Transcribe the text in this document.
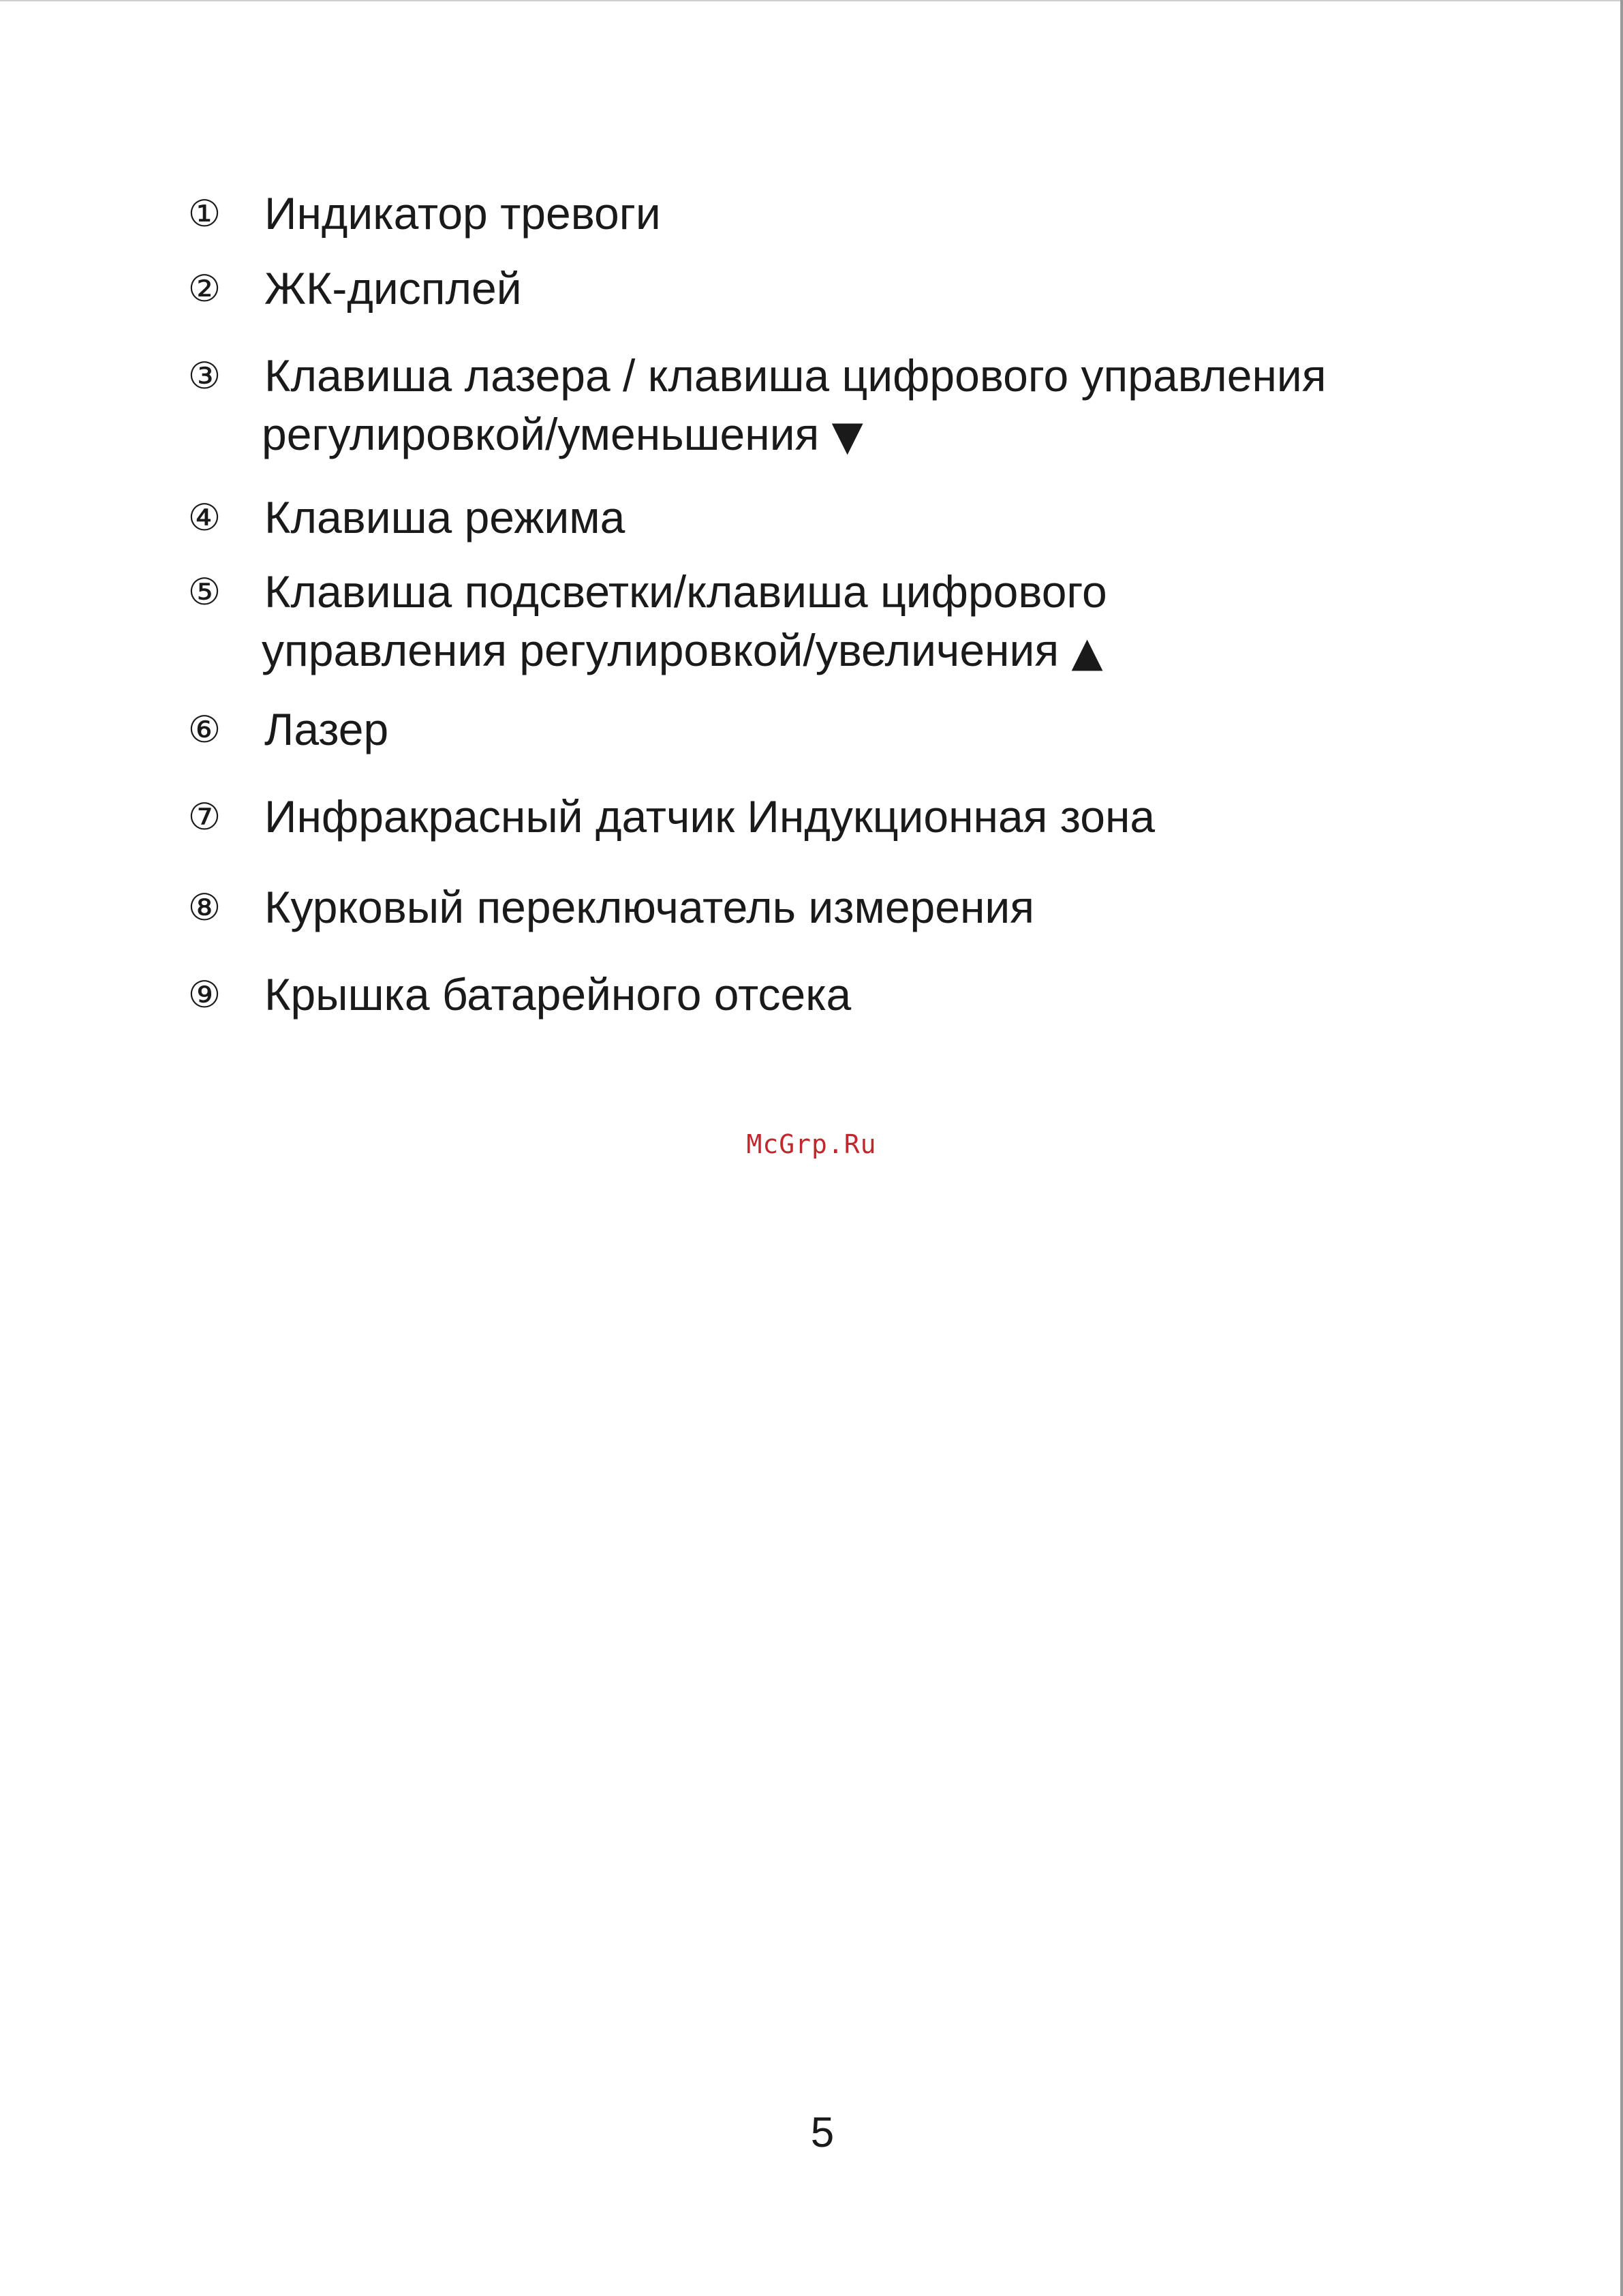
① Индикатор тревоги
② ЖК-дисплей
③ Клавиша лазера / клавиша цифрового управления
регулировкой/уменьшения ▼
④ Клавиша режима
⑤ Клавиша подсветки/клавиша цифрового
управления регулировкой/увеличения ▲
⑥ Лазер
⑦ Инфракрасный датчик Индукционная зона
⑧ Курковый переключатель измерения
⑨ Крышка батарейного отсека
McGrp.Ru
5
